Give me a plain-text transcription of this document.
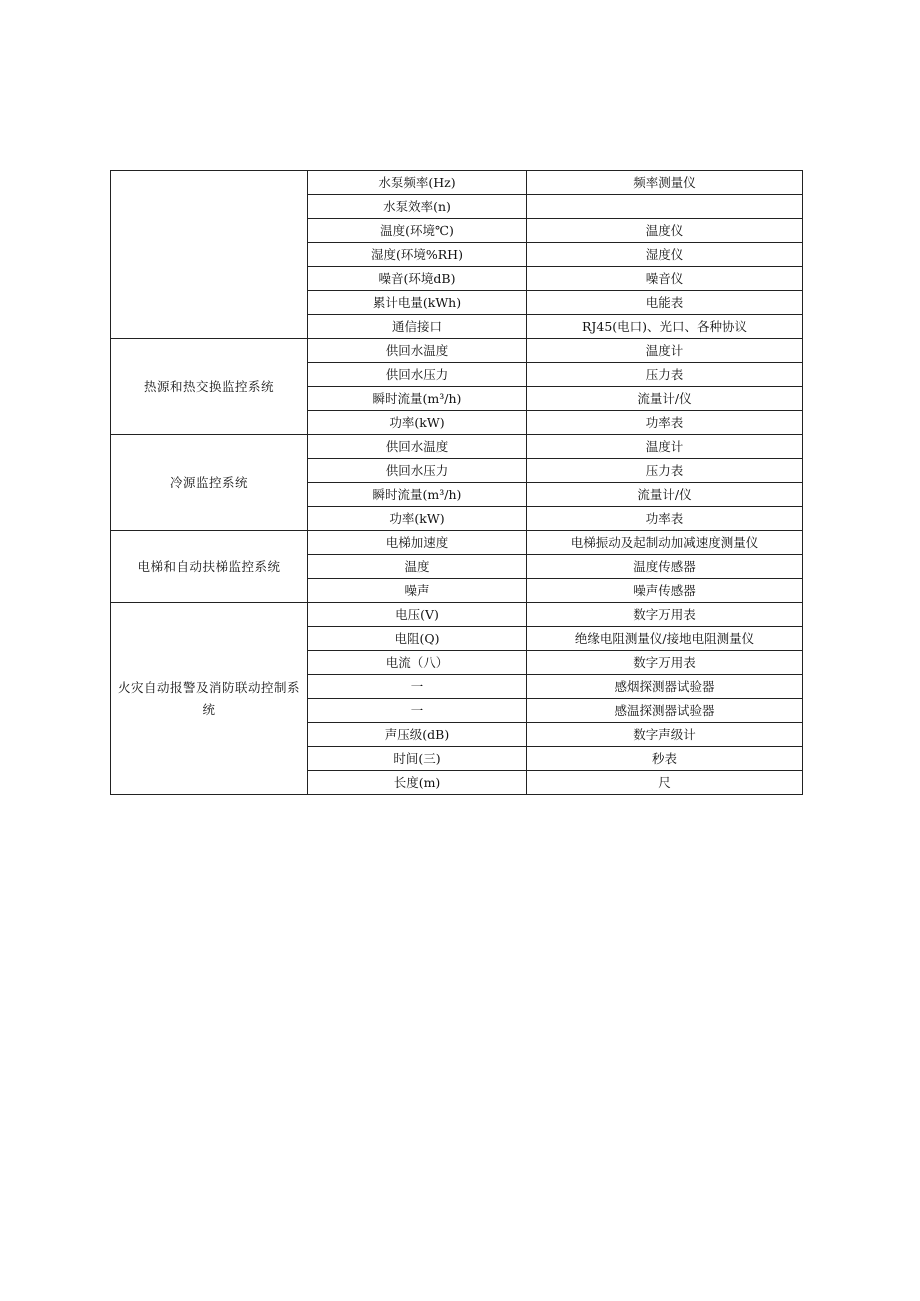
	水泵频率(Hz)	频率测量仪
	水泵效率(n)	
	温度(环境℃)	温度仪
	湿度(环境%RH)	湿度仪
	噪音(环境dB)	噪音仪
	累计电量(kWh)	电能表
	通信接口	RJ45(电口)、光口、各种协议
热源和热交换监控系统	供回水温度	温度计
	供回水压力	压力表
	瞬时流量(m³/h)	流量计/仪
	功率(kW)	功率表
冷源监控系统	供回水温度	温度计
	供回水压力	压力表
	瞬时流量(m³/h)	流量计/仪
	功率(kW)	功率表
电梯和自动扶梯监控系统	电梯加速度	电梯振动及起制动加减速度测量仪
	温度	温度传感器
	噪声	噪声传感器
火灾自动报警及消防联动控制系统	电压(V)	数字万用表
	电阻(Q)	绝缘电阻测量仪/接地电阻测量仪
	电流（八）	数字万用表
	一	感烟探测器试验器
	一	感温探测器试验器
	声压级(dB)	数字声级计
	时间(三)	秒表
	长度(m)	尺
